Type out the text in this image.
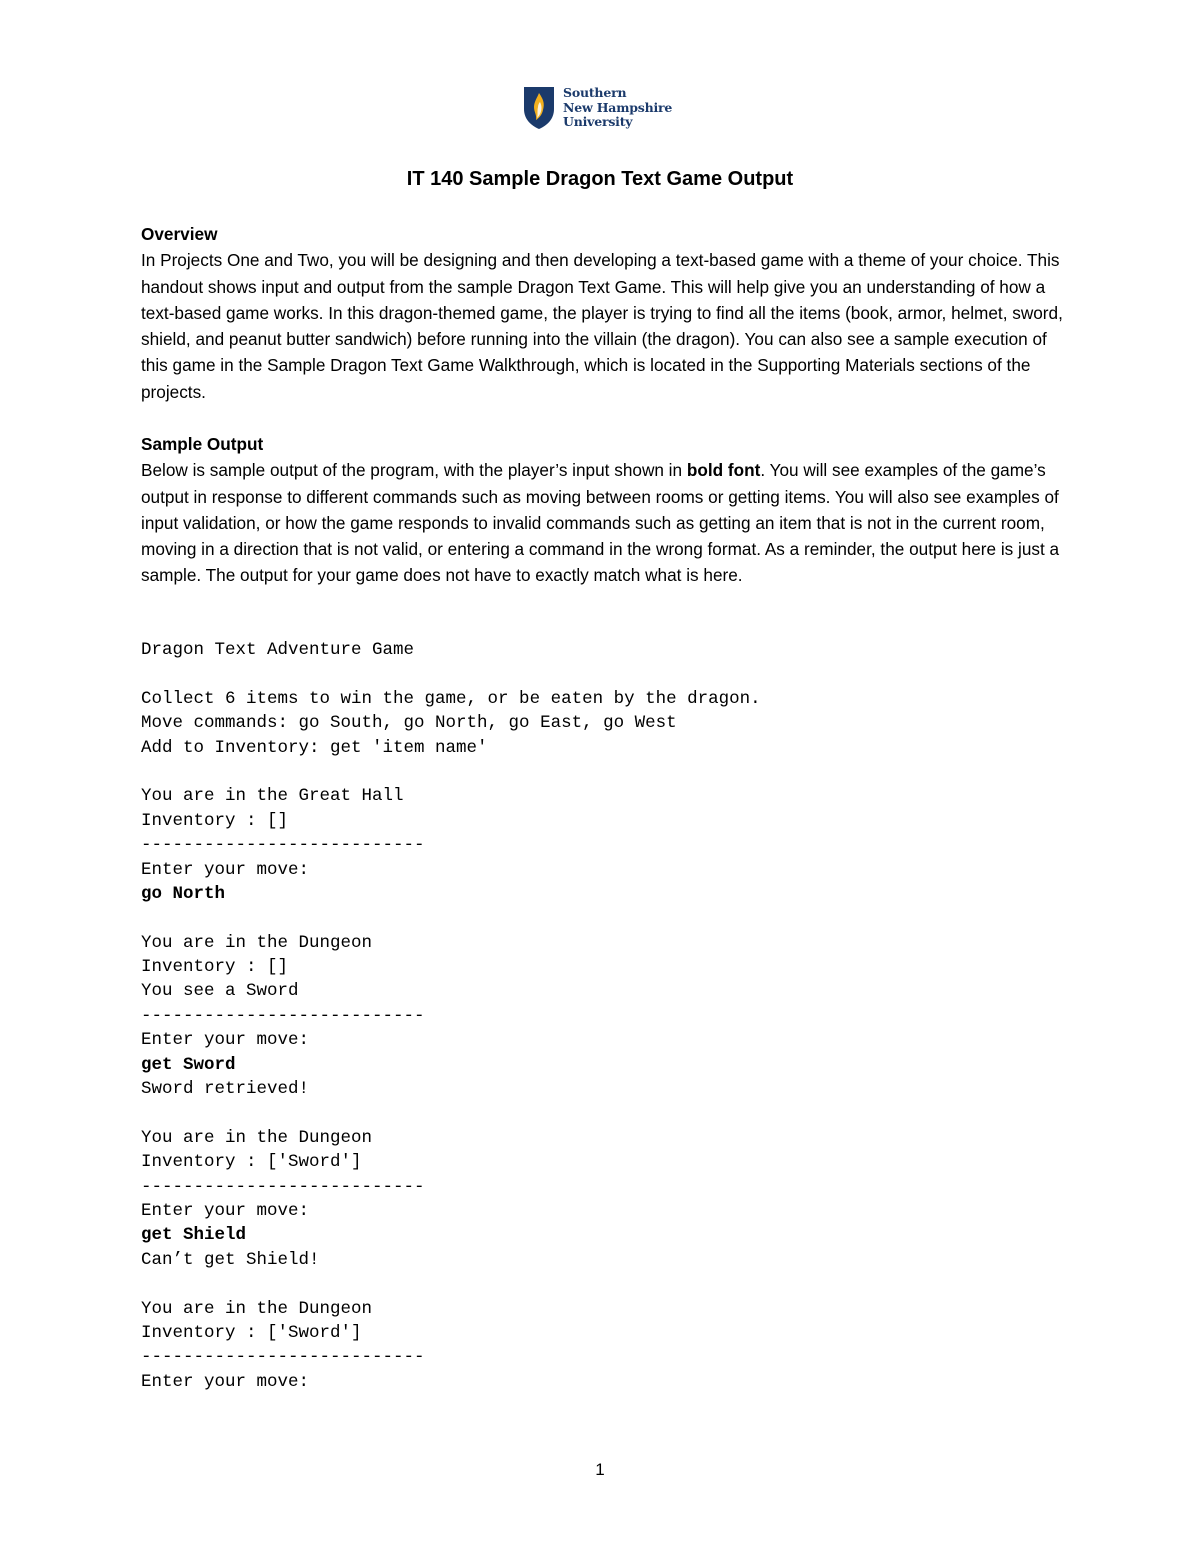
Southern
New Hampshire
University
IT 140 Sample Dragon Text Game Output
Overview

In Projects One and Two, you will be designing and then developing a text-based game with a theme of your choice. This handout shows input and output from the sample Dragon Text Game. This will help give you an understanding of how a text-based game works. In this dragon-themed game, the player is trying to find all the items (book, armor, helmet, sword, shield, and peanut butter sandwich) before running into the villain (the dragon). You can also see a sample execution of this game in the Sample Dragon Text Game Walkthrough, which is located in the Supporting Materials sections of the projects.

Sample Output

Below is sample output of the program, with the player’s input shown in bold font. You will see examples of the game’s output in response to different commands such as moving between rooms or getting items. You will also see examples of input validation, or how the game responds to invalid commands such as getting an item that is not in the current room, moving in a direction that is not valid, or entering a command in the wrong format. As a reminder, the output here is just a sample. The output for your game does not have to exactly match what is here.

Dragon Text Adventure Game
Collect 6 items to win the game, or be eaten by the dragon.
Move commands: go South, go North, go East, go West
Add to Inventory: get 'item name'
You are in the Great Hall
Inventory : []
---------------------------
Enter your move:
go North
You are in the Dungeon
Inventory : []
You see a Sword
---------------------------
Enter your move:
get Sword
Sword retrieved!
You are in the Dungeon
Inventory : ['Sword']
---------------------------
Enter your move:
get Shield
Can’t get Shield!
You are in the Dungeon
Inventory : ['Sword']
---------------------------
Enter your move:
1
